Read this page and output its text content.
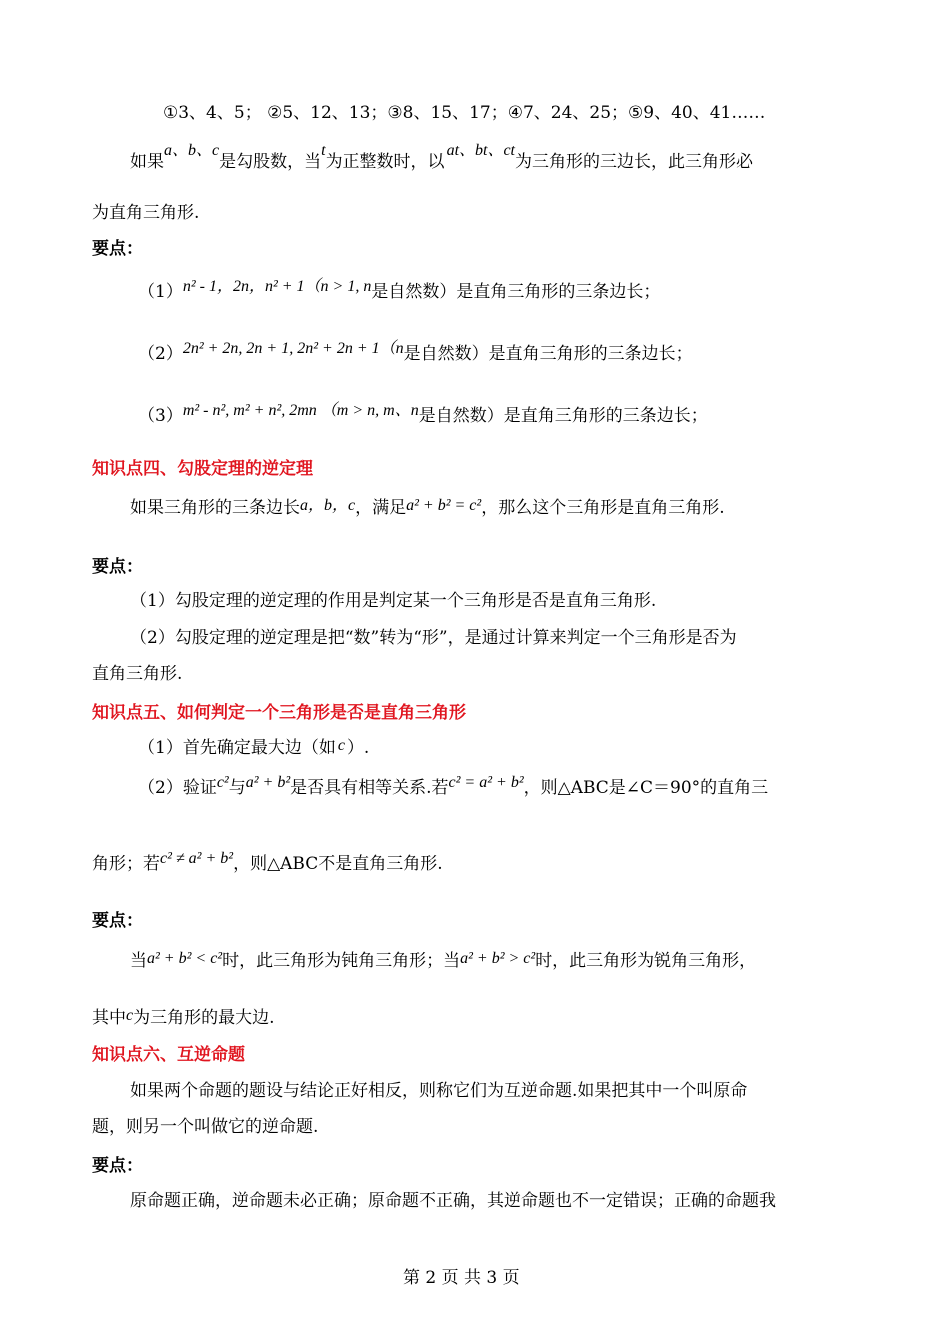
①3、4、5； ②5、12、13；③8、15、17；④7、24、25；⑤9、40、41……
如果a、b、c是勾股数，当t为正整数时，以at、bt、ct为三角形的三边长，此三角形必
为直角三角形.
要点：
（1）n² - 1，2n，n² + 1（n > 1, n是自然数）是直角三角形的三条边长；
（2）2n² + 2n, 2n + 1, 2n² + 2n + 1（n是自然数）是直角三角形的三条边长；
（3）m² - n², m² + n², 2mn （m > n, m、n是自然数）是直角三角形的三条边长；
知识点四、勾股定理的逆定理
如果三角形的三条边长a，b，c，满足a² + b² = c²，那么这个三角形是直角三角形.
要点：
（1）勾股定理的逆定理的作用是判定某一个三角形是否是直角三角形.
（2）勾股定理的逆定理是把“数”转为“形”，是通过计算来判定一个三角形是否为
直角三角形.
知识点五、如何判定一个三角形是否是直角三角形
（1）首先确定最大边（如 c ）.
（2）验证c²与a² + b²是否具有相等关系.若c² = a² + b²，则△ABC是∠C＝90°的直角三
角形；若c² ≠ a² + b²，则△ABC不是直角三角形.
要点：
当a² + b² < c²时，此三角形为钝角三角形；当a² + b² > c²时，此三角形为锐角三角形，
其中c为三角形的最大边.
知识点六、互逆命题
如果两个命题的题设与结论正好相反，则称它们为互逆命题.如果把其中一个叫原命
题，则另一个叫做它的逆命题.
要点：
原命题正确，逆命题未必正确；原命题不正确，其逆命题也不一定错误；正确的命题我
第 2 页 共 3 页
